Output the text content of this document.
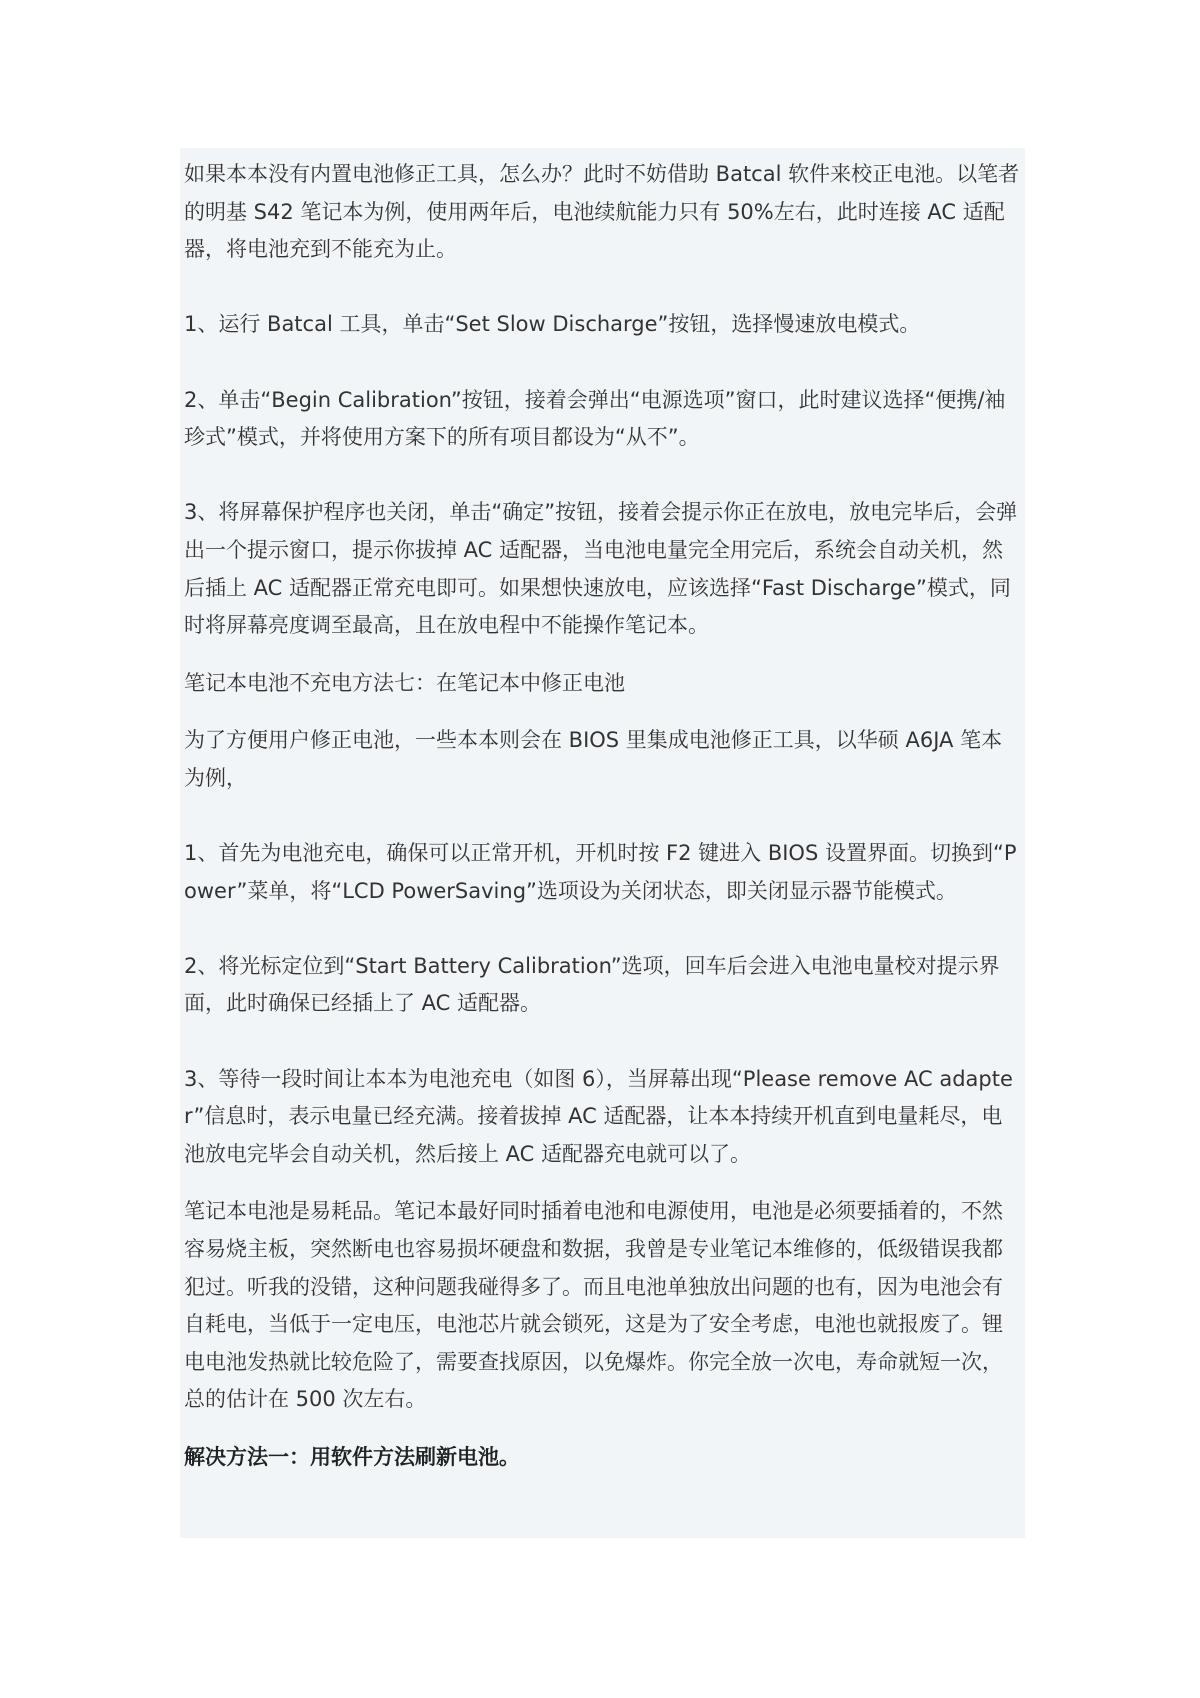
如果本本没有内置电池修正工具，怎么办？此时不妨借助 Batcal 软件来校正电池。以笔者的明基 S42 笔记本为例，使用两年后，电池续航能力只有 50%左右，此时连接 AC 适配器，将电池充到不能充为止。

1、运行 Batcal 工具，单击“Set Slow Discharge”按钮，选择慢速放电模式。

2、单击“Begin Calibration”按钮，接着会弹出“电源选项”窗口，此时建议选择“便携/袖珍式”模式，并将使用方案下的所有项目都设为“从不”。

3、将屏幕保护程序也关闭，单击“确定”按钮，接着会提示你正在放电，放电完毕后，会弹出一个提示窗口，提示你拔掉 AC 适配器，当电池电量完全用完后，系统会自动关机，然后插上 AC 适配器正常充电即可。如果想快速放电，应该选择“Fast Discharge”模式，同时将屏幕亮度调至最高，且在放电程中不能操作笔记本。

笔记本电池不充电方法七：在笔记本中修正电池

为了方便用户修正电池，一些本本则会在 BIOS 里集成电池修正工具，以华硕 A6JA 笔本为例，

1、首先为电池充电，确保可以正常开机，开机时按 F2 键进入 BIOS 设置界面。切换到“Power”菜单，将“LCD PowerSaving”选项设为关闭状态，即关闭显示器节能模式。

2、将光标定位到“Start Battery Calibration”选项，回车后会进入电池电量校对提示界面，此时确保已经插上了 AC 适配器。

3、等待一段时间让本本为电池充电（如图 6），当屏幕出现“Please remove AC adapter”信息时，表示电量已经充满。接着拔掉 AC 适配器，让本本持续开机直到电量耗尽，电池放电完毕会自动关机，然后接上 AC 适配器充电就可以了。

笔记本电池是易耗品。笔记本最好同时插着电池和电源使用，电池是必须要插着的，不然容易烧主板，突然断电也容易损坏硬盘和数据，我曾是专业笔记本维修的，低级错误我都犯过。听我的没错，这种问题我碰得多了。而且电池单独放出问题的也有，因为电池会有自耗电，当低于一定电压，电池芯片就会锁死，这是为了安全考虑，电池也就报废了。锂电电池发热就比较危险了，需要查找原因，以免爆炸。你完全放一次电，寿命就短一次，总的估计在 500 次左右。

解决方法一：用软件方法刷新电池。
